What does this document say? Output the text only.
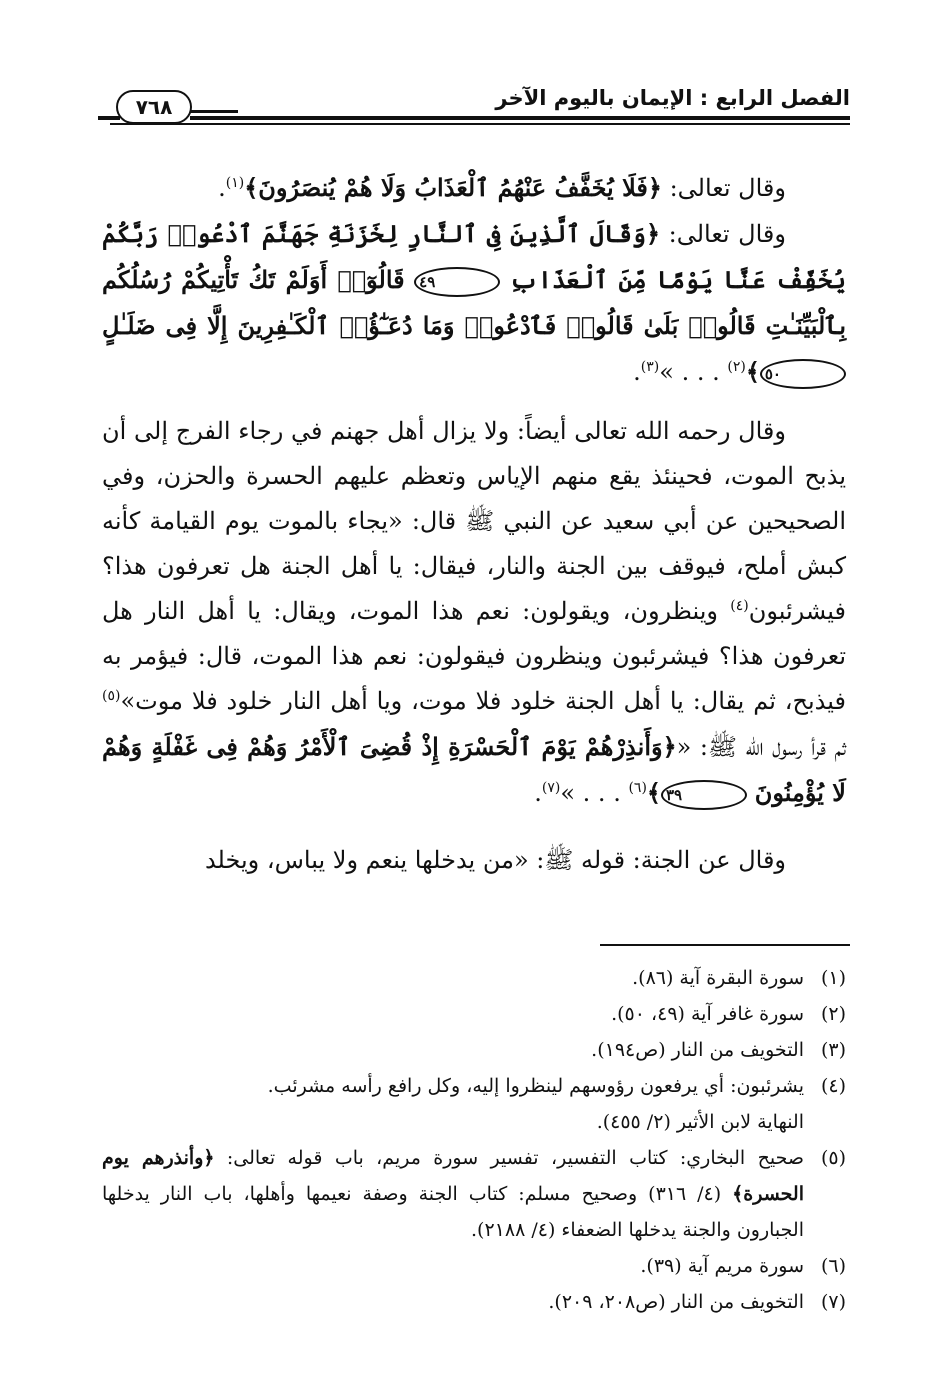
الفصل الرابع : الإيمان باليوم الآخر
٧٦٨

وقال تعالى: ﴿فَلَا يُخَفَّفُ عَنْهُمُ ٱلْعَذَابُ وَلَا هُمْ يُنصَرُونَ﴾$^{(١)}$.

وقال تعالى: ﴿وَقَالَ ٱلَّذِينَ فِى ٱلنَّارِ لِخَزَنَةِ جَهَنَّمَ ٱدْعُوا۟ رَبَّكُمْ يُخَفِّفْ عَنَّا يَوْمًا مِّنَ ٱلْعَذَابِ ٤٩ قَالُوٓا۟ أَوَلَمْ تَكُ تَأْتِيكُمْ رُسُلُكُم بِٱلْبَيِّنَـٰتِ قَالُوا۟ بَلَىٰ قَالُوا۟ فَٱدْعُوا۟ وَمَا دُعَـٰٓؤُا۟ ٱلْكَـٰفِرِينَ إِلَّا فِى ضَلَـٰلٍ ٥٠﴾$^{(٢)}$ . . . »$^{(٣)}$.

وقال رحمه الله تعالى أيضاً: ولا يزال أهل جهنم في رجاء الفرج إلى أن يذبح الموت، فحينئذ يقع منهم الإياس وتعظم عليهم الحسرة والحزن، وفي الصحيحين عن أبي سعيد عن النبي ﷺ قال: «يجاء بالموت يوم القيامة كأنه كبش أملح، فيوقف بين الجنة والنار، فيقال: يا أهل الجنة هل تعرفون هذا؟ فيشرئبون$^{(٤)}$ وينظرون، ويقولون: نعم هذا الموت، ويقال: يا أهل النار هل تعرفون هذا؟ فيشرئبون وينظرون فيقولون: نعم هذا الموت، قال: فيؤمر به فيذبح، ثم يقال: يا أهل الجنة خلود فلا موت، ويا أهل النار خلود فلا موت»$^{(٥)}$ ثم قرأ رسول الله ﷺ: «﴿وَأَنذِرْهُمْ يَوْمَ ٱلْحَسْرَةِ إِذْ قُضِىَ ٱلْأَمْرُ وَهُمْ فِى غَفْلَةٍ وَهُمْ لَا يُؤْمِنُونَ ٣٩﴾$^{(٦)}$ . . . »$^{(٧)}$.

وقال عن الجنة: قوله ﷺ: «من يدخلها ينعم ولا يباس، ويخلد

(١)
سورة البقرة آية (٨٦).
(٢)
سورة غافر آية (٤٩، ٥٠).
(٣)
التخويف من النار (ص١٩٤).
(٤)
يشرئبون: أي يرفعون رؤوسهم لينظروا إليه، وكل رافع رأسه مشرئب.
النهاية لابن الأثير (٢/ ٤٥٥).
(٥)
صحيح البخاري: كتاب التفسير، تفسير سورة مريم، باب قوله تعالى: ﴿وأنذرهم يوم الحسرة﴾ (٤/ ٣١٦) وصحيح مسلم: كتاب الجنة وصفة نعيمها وأهلها، باب النار يدخلها الجبارون والجنة يدخلها الضعفاء (٤/ ٢١٨٨).
(٦)
سورة مريم آية (٣٩).
(٧)
التخويف من النار (ص٢٠٨، ٢٠٩).
